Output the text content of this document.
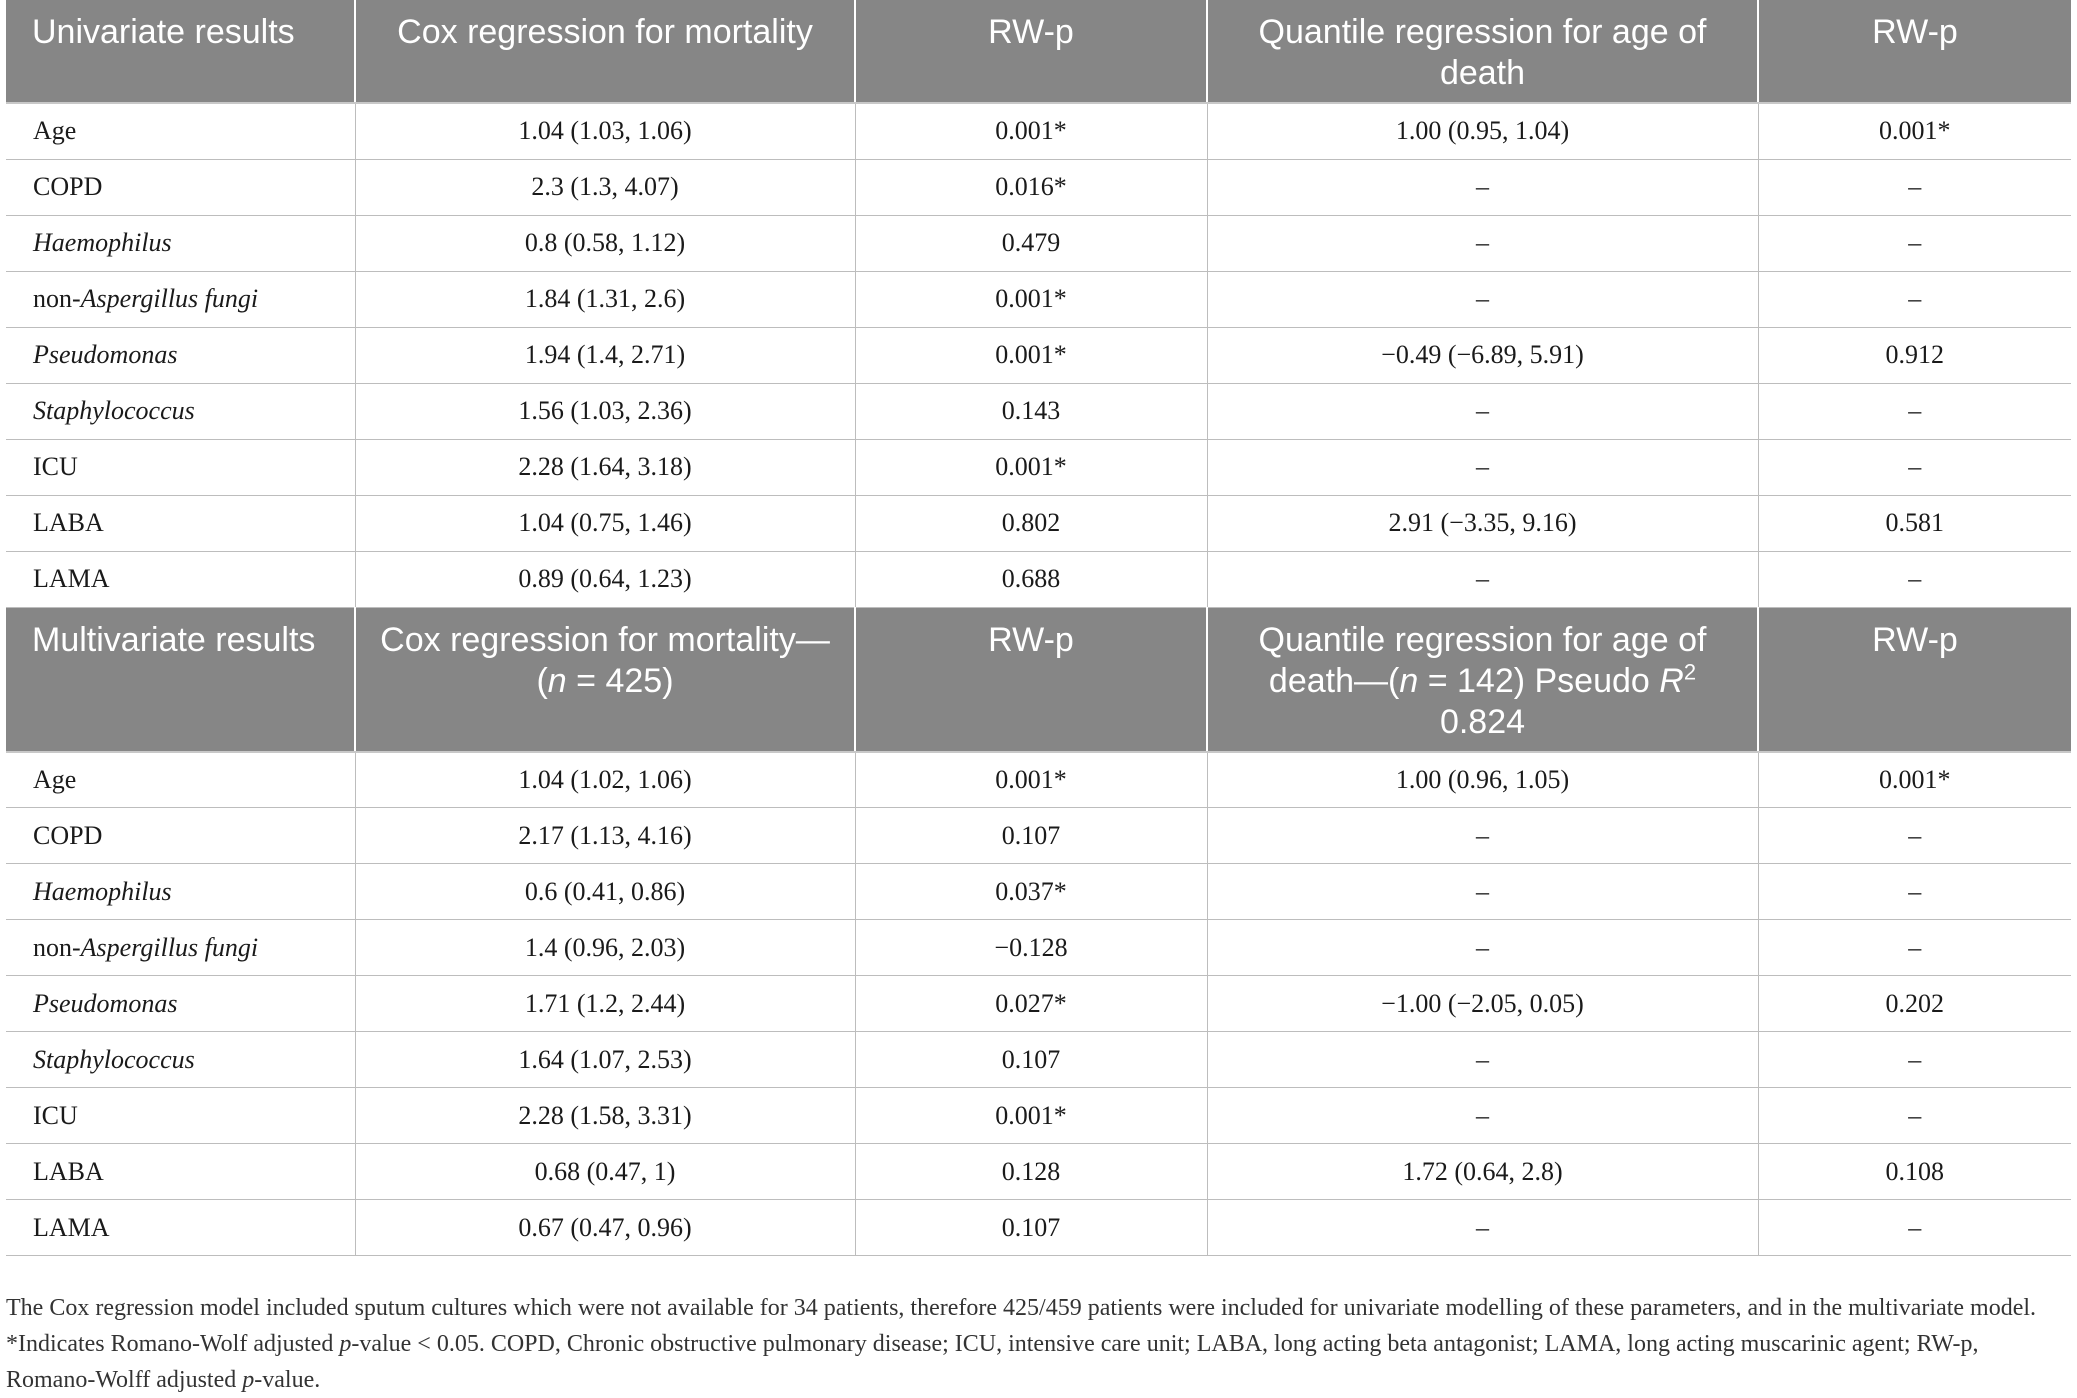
Univariate results	Cox regression for mortality	RW-p	Quantile regression for age of death	RW-p
Age	1.04 (1.03, 1.06)	0.001*	1.00 (0.95, 1.04)	0.001*
COPD	2.3 (1.3, 4.07)	0.016*	–	–
Haemophilus	0.8 (0.58, 1.12)	0.479	–	–
non-Aspergillus fungi	1.84 (1.31, 2.6)	0.001*	–	–
Pseudomonas	1.94 (1.4, 2.71)	0.001*	−0.49 (−6.89, 5.91)	0.912
Staphylococcus	1.56 (1.03, 2.36)	0.143	–	–
ICU	2.28 (1.64, 3.18)	0.001*	–	–
LABA	1.04 (0.75, 1.46)	0.802	2.91 (−3.35, 9.16)	0.581
LAMA	0.89 (0.64, 1.23)	0.688	–	–
Multivariate results	Cox regression for mortality—(n = 425)	RW-p	Quantile regression for age of death—(n = 142) Pseudo $R^2$ 0.824	RW-p
Age	1.04 (1.02, 1.06)	0.001*	1.00 (0.96, 1.05)	0.001*
COPD	2.17 (1.13, 4.16)	0.107	–	–
Haemophilus	0.6 (0.41, 0.86)	0.037*	–	–
non-Aspergillus fungi	1.4 (0.96, 2.03)	−0.128	–	–
Pseudomonas	1.71 (1.2, 2.44)	0.027*	−1.00 (−2.05, 0.05)	0.202
Staphylococcus	1.64 (1.07, 2.53)	0.107	–	–
ICU	2.28 (1.58, 3.31)	0.001*	–	–
LABA	0.68 (0.47, 1)	0.128	1.72 (0.64, 2.8)	0.108
LAMA	0.67 (0.47, 0.96)	0.107	–	–
The Cox regression model included sputum cultures which were not available for 34 patients, therefore 425/459 patients were included for univariate modelling of these parameters, and in the multivariate model. *Indicates Romano-Wolf adjusted p-value < 0.05. COPD, Chronic obstructive pulmonary disease; ICU, intensive care unit; LABA, long acting beta antagonist; LAMA, long acting muscarinic agent; RW-p, Romano-Wolff adjusted p-value.
